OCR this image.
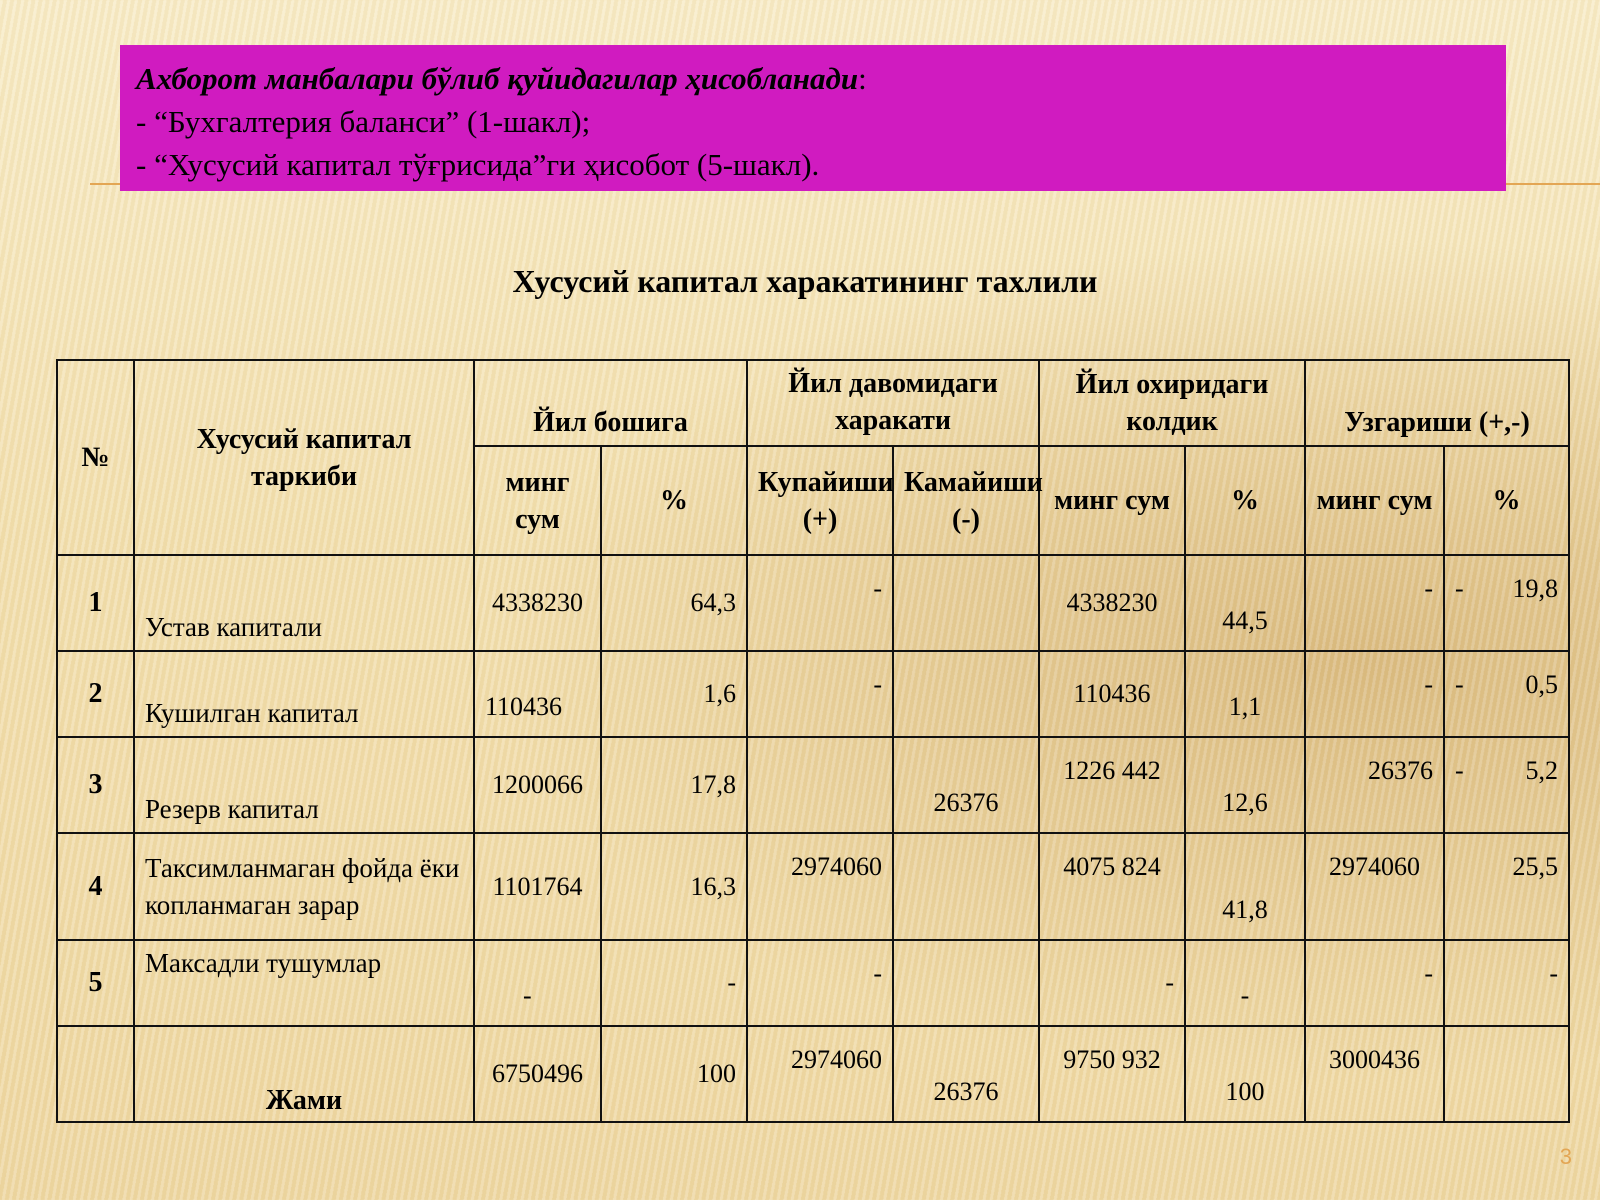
Ахборот манбалари бўлиб қуйидагилар ҳисобланади:
- “Бухгалтерия баланси” (1-шакл);
- “Хусусий капитал тўғрисида”ги ҳисобот (5-шакл).
Хусусий капитал харакатининг тахлили
№	Хусусий капитал таркиби	Йил бошига		Йил давомидаги харакати		Йил охиридаги колдик		Узгариши (+,-)	
		минг сум	%	Купайиши (+)	Камайиши (-)	минг сум	%	минг сум	%
1	Устав капитали	4338230	64,3	-		4338230	44,5	-	- 19,8

2	Кушилган капитал	110436	1,6	-		110436	1,1	-	- 0,5

3	Резерв капитал	1200066	17,8		26376	1226 442	12,6	26376	- 5,2

4	Таксимланмаган фойда ёки копланмаган зарар	1101764	16,3	2974060		4075 824	41,8	2974060	25,5

5	Максадли тушумлар	-	-	-		-	-	-	-

	Жами	6750496	100	2974060	26376	9750 932	100	3000436	
3
